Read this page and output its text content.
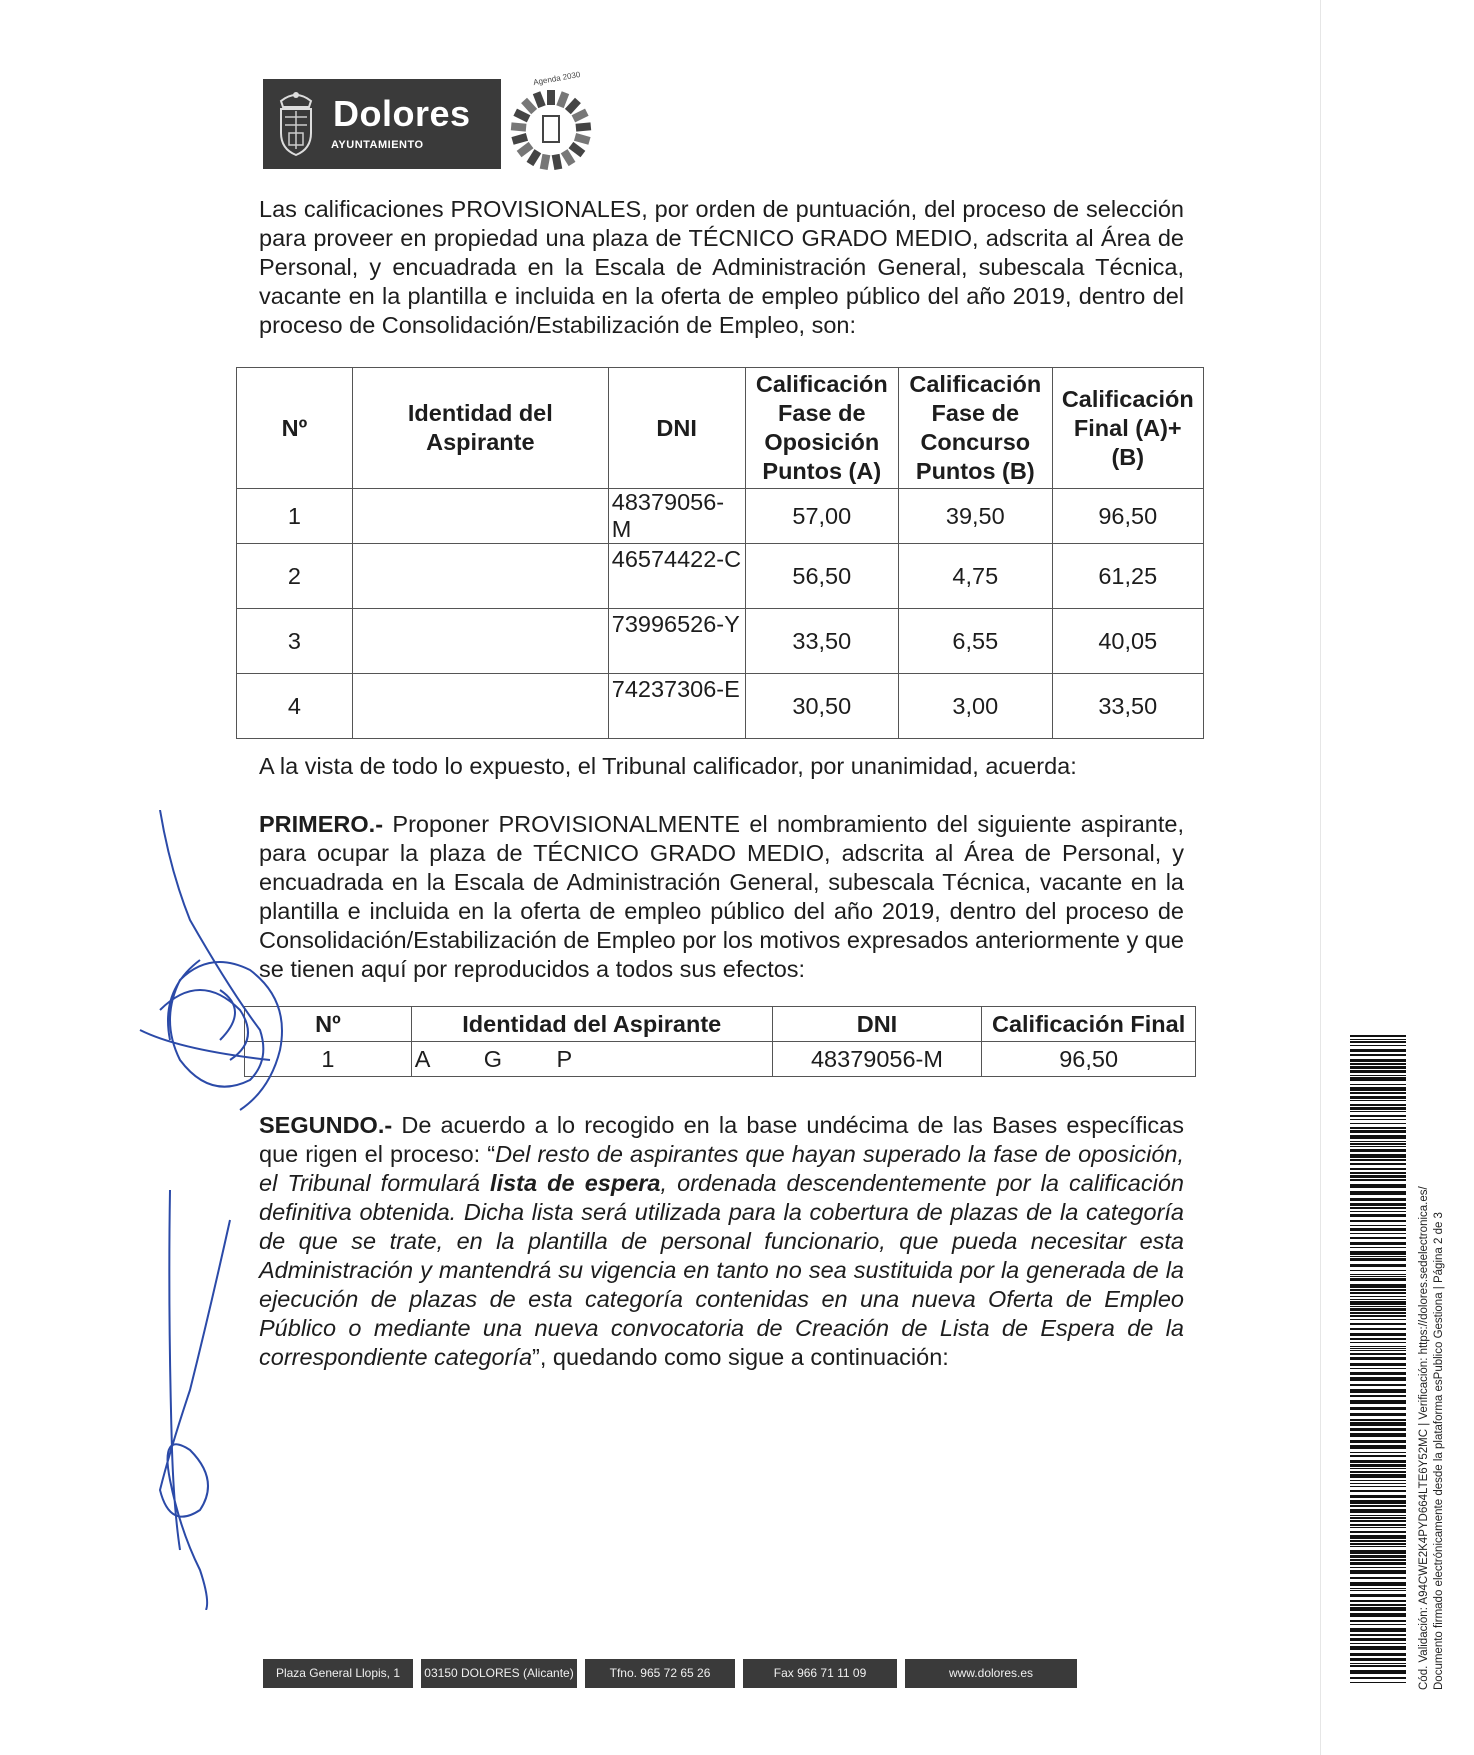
Dolores
AYUNTAMIENTO
Agenda 2030
Las calificaciones PROVISIONALES, por orden de puntuación, del proceso de selección para proveer en propiedad una plaza de TÉCNICO GRADO MEDIO, adscrita al Área de Personal, y encuadrada en la Escala de Administración General, subescala Técnica, vacante en la plantilla e incluida en la oferta de empleo público del año 2019, dentro del proceso de Consolidación/Estabilización de Empleo, son:
Nº	Identidad del Aspirante	DNI	Calificación Fase de Oposición Puntos (A)	Calificación Fase de Concurso Puntos (B)	Calificación Final (A)+ (B)
1		48379056-M	57,00	39,50	96,50
2		46574422-C	56,50	4,75	61,25
3		73996526-Y	33,50	6,55	40,05
4		74237306-E	30,50	3,00	33,50
A la vista de todo lo expuesto, el Tribunal calificador, por unanimidad, acuerda:
PRIMERO.- Proponer PROVISIONALMENTE el nombramiento del siguiente aspirante, para ocupar la plaza de TÉCNICO GRADO MEDIO, adscrita al Área de Personal, y encuadrada en la Escala de Administración General, subescala Técnica, vacante en la plantilla e incluida en la oferta de empleo público del año 2019, dentro del proceso de Consolidación/Estabilización de Empleo por los motivos expresados anteriormente y que se tienen aquí por reproducidos a todos sus efectos:
Nº	Identidad del Aspirante	DNI	Calificación Final
1	A G P	48379056-M	96,50
SEGUNDO.- De acuerdo a lo recogido en la base undécima de las Bases específicas que rigen el proceso: “Del resto de aspirantes que hayan superado la fase de oposición, el Tribunal formulará lista de espera, ordenada descendentemente por la calificación definitiva obtenida. Dicha lista será utilizada para la cobertura de plazas de la categoría de que se trate, en la plantilla de personal funcionario, que pueda necesitar esta Administración y mantendrá su vigencia en tanto no sea sustituida por la generada de la ejecución de plazas de esta categoría contenidas en una nueva Oferta de Empleo Público o mediante una nueva convocatoria de Creación de Lista de Espera de la correspondiente categoría”, quedando como sigue a continuación:
Plaza General Llopis, 1	03150 DOLORES (Alicante)	Tfno. 965 72 65 26	Fax 966 71 11 09	www.dolores.es	Cód. Validación: A94CWE2K4PYD664LTE6Y52MC | Verificación: https://dolores.sedelectronica.es/ Documento firmado electrónicamente desde la plataforma esPublico Gestiona | Página 2 de 3
